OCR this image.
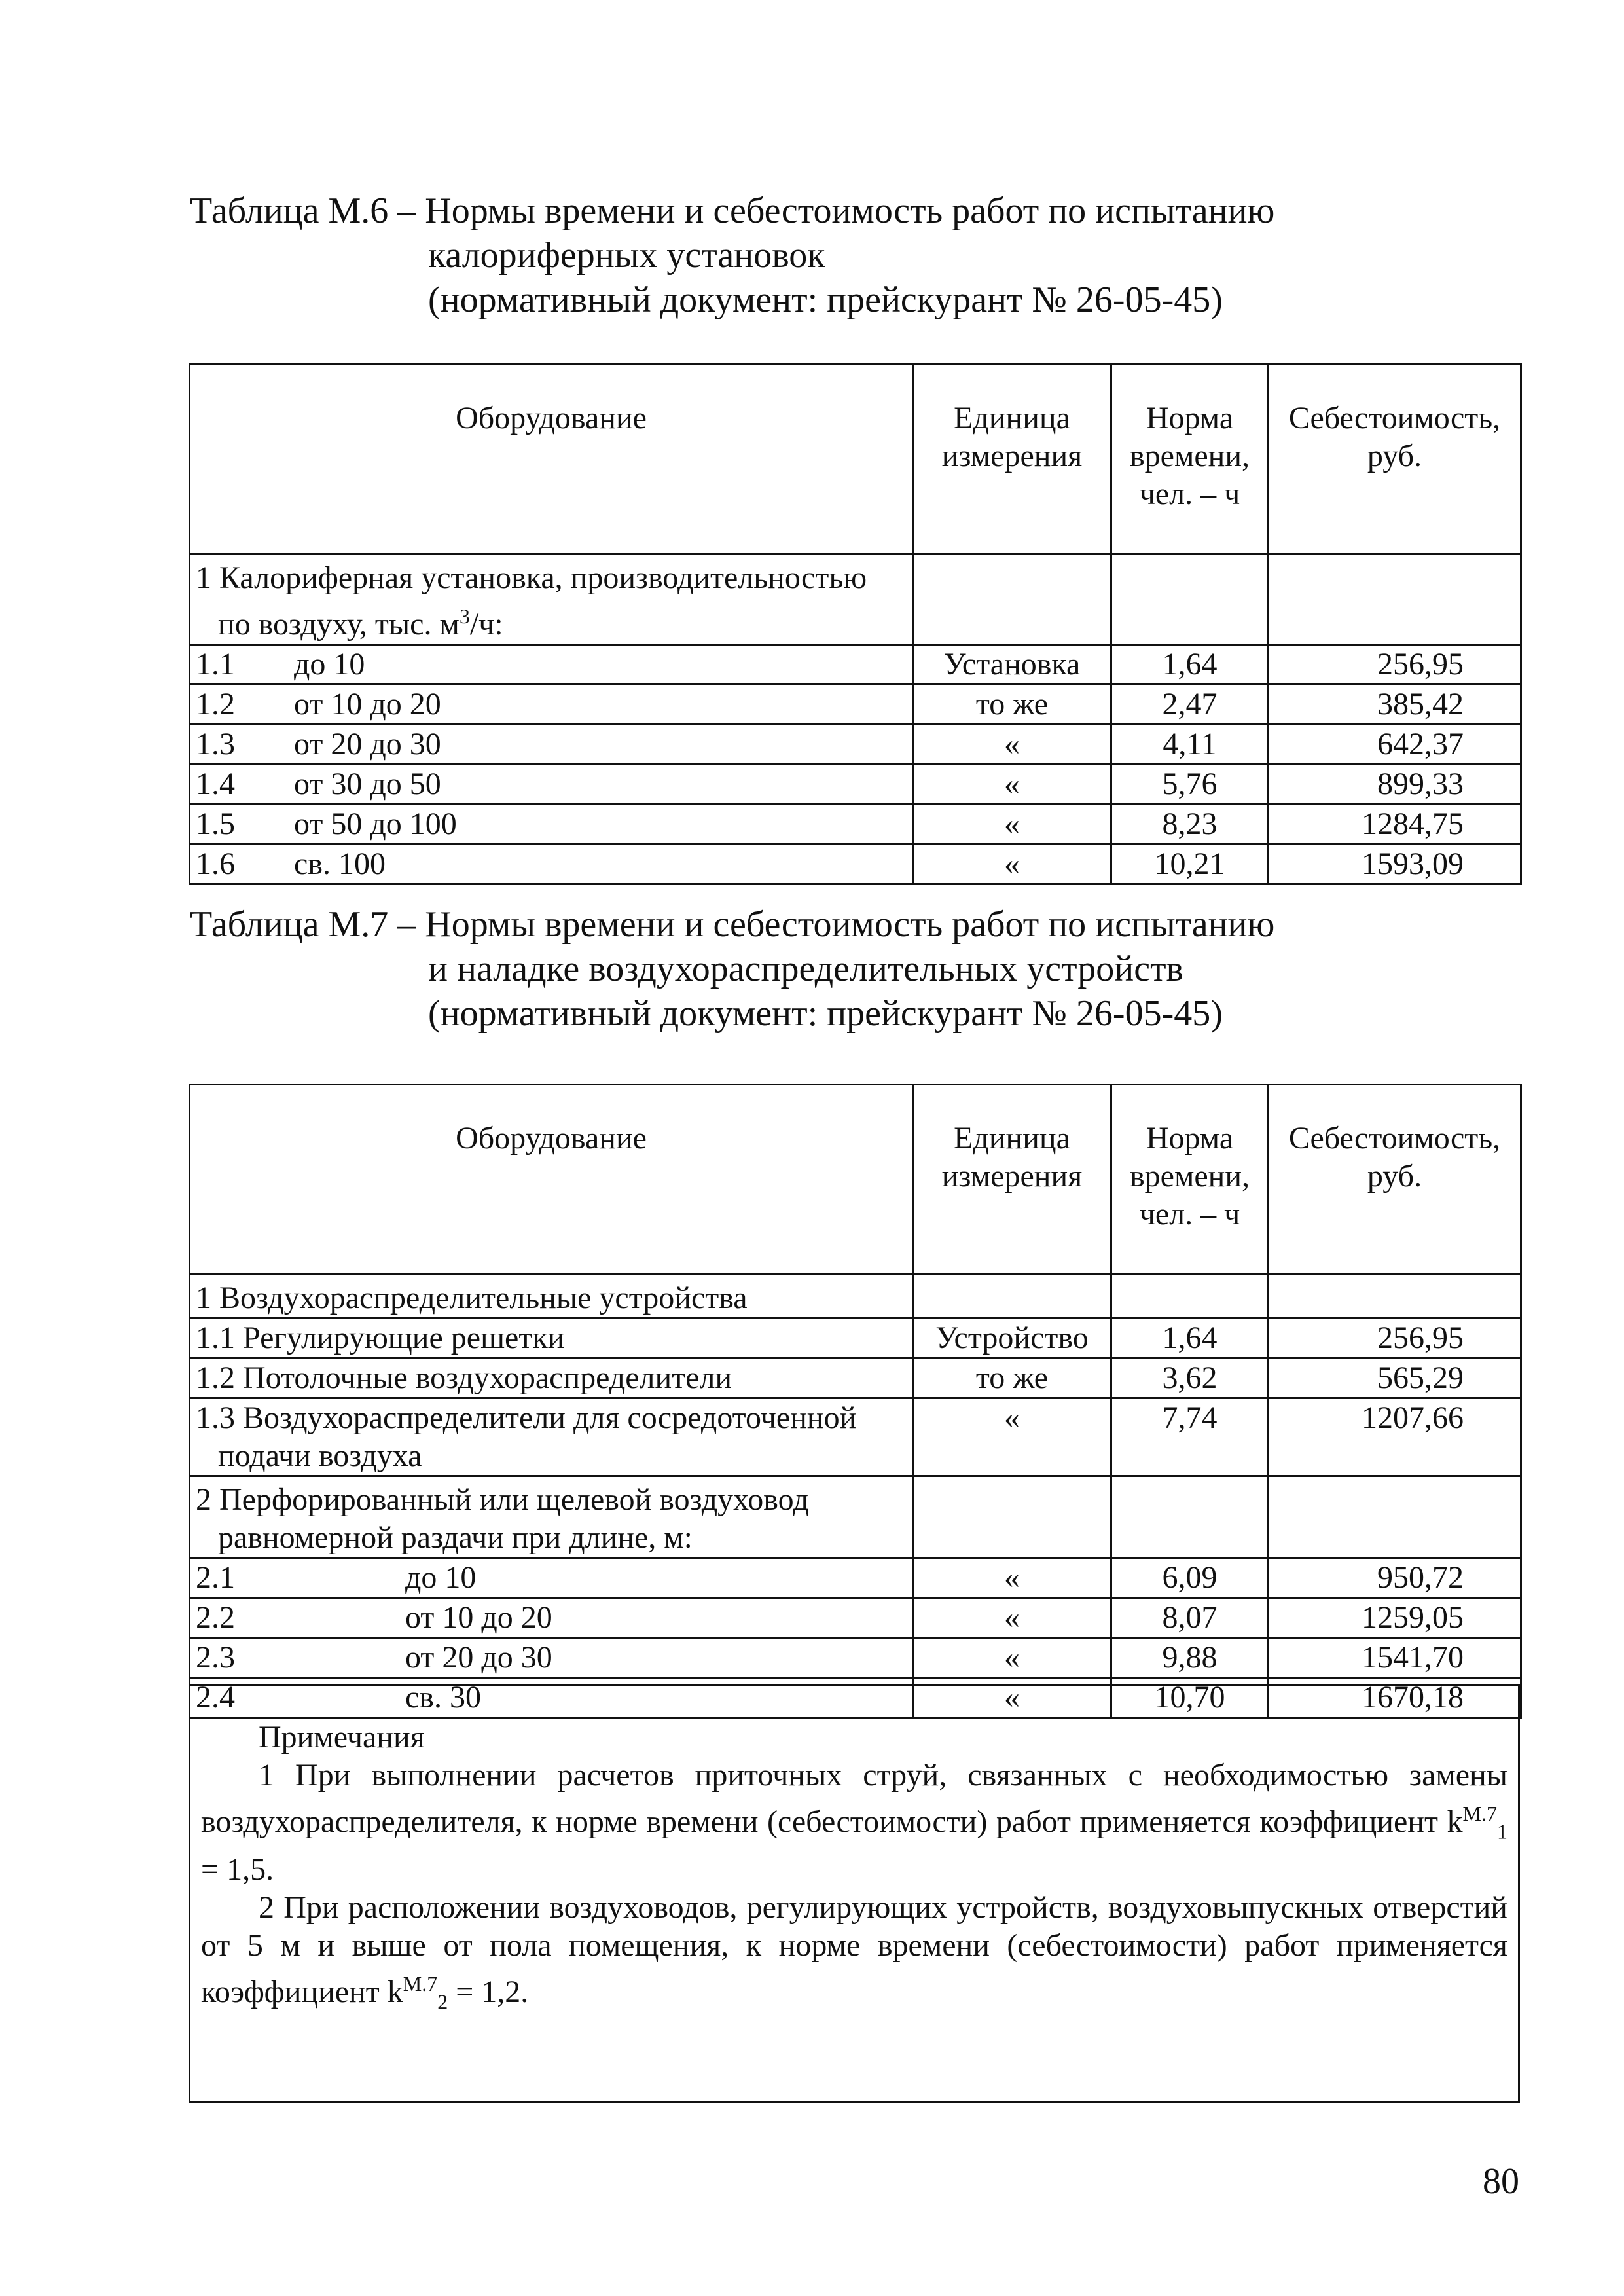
Таблица М.6 – Нормы времени и себестоимость работ по испытанию
калориферных установок
(нормативный документ: прейскурант № 26-05-45)
Оборудование	Единица измерения	Норма времени, чел. – ч	Себестоимость, руб.
1 Калориферная установка, производительностью

по воздуху, тыс. $м^3/ч$:			

1.1 до 10	Установка	1,64	256,95
1.2 от 10 до 20	то же	2,47	385,42
1.3 от 20 до 30	«	4,11	642,37
1.4 от 30 до 50	«	5,76	899,33
1.5 от 50 до 100	«	8,23	1284,75
1.6 св. 100	«	10,21	1593,09
Таблица М.7 – Нормы времени и себестоимость работ по испытанию
и наладке воздухораспределительных устройств
(нормативный документ: прейскурант № 26-05-45)
Оборудование	Единица измерения	Норма времени, чел. – ч	Себестоимость, руб.
1 Воздухораспределительные устройства			
1.1 Регулирующие решетки	Устройство	1,64	256,95
1.2 Потолочные воздухораспределители	то же	3,62	565,29
1.3 Воздухораспределители для сосредоточенной

подачи воздуха	«	7,74	1207,66
2 Перфорированный или щелевой воздуховод

равномерной раздачи при длине, м:			

2.1 до 10	«	6,09	950,72
2.2 от 10 до 20	«	8,07	1259,05
2.3 от 20 до 30	«	9,88	1541,70
2.4 св. 30	«	10,70	1670,18
Примечания
1 При выполнении расчетов приточных струй, связанных с необходимостью замены воздухораспределителя, к норме времени (себестоимости) работ применяется коэффициент $k^{М.7}_1 = 1,5$.
2 При расположении воздуховодов, регулирующих устройств, воздуховыпускных отверстий от 5 м и выше от пола помещения, к норме времени (себестоимости) работ применяется коэффициент $k^{М.7}_2 = 1,2$.
80
